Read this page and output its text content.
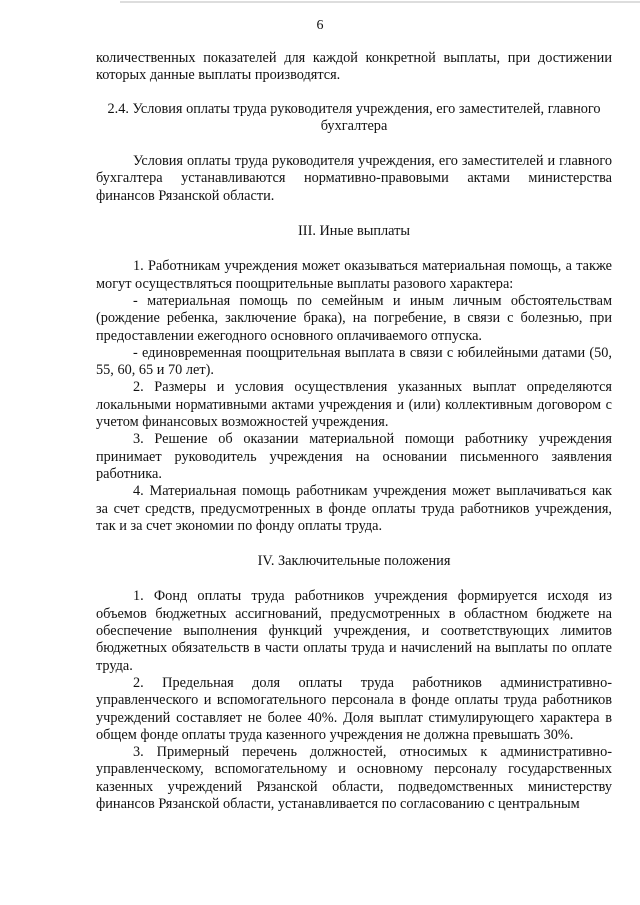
6

количественных показателей для каждой конкретной выплаты, при достижении которых данные выплаты производятся.

2.4. Условия оплаты труда руководителя учреждения, его заместителей, главного бухгалтера

Условия оплаты труда руководителя учреждения, его заместителей и главного бухгалтера устанавливаются нормативно-правовыми актами министерства финансов Рязанской области.

III. Иные выплаты

1. Работникам учреждения может оказываться материальная помощь, а также могут осуществляться поощрительные выплаты разового характера:

- материальная помощь по семейным и иным личным обстоятельствам (рождение ребенка, заключение брака), на погребение, в связи с болезнью, при предоставлении ежегодного основного оплачиваемого отпуска.

- единовременная поощрительная выплата в связи с юбилейными датами (50, 55, 60, 65 и 70 лет).

2. Размеры и условия осуществления указанных выплат определяются локальными нормативными актами учреждения и (или) коллективным договором с учетом финансовых возможностей учреждения.

3. Решение об оказании материальной помощи работнику учреждения принимает руководитель учреждения на основании письменного заявления работника.

4. Материальная помощь работникам учреждения может выплачиваться как за счет средств, предусмотренных в фонде оплаты труда работников учреждения, так и за счет экономии по фонду оплаты труда.

IV. Заключительные положения

1. Фонд оплаты труда работников учреждения формируется исходя из объемов бюджетных ассигнований, предусмотренных в областном бюджете на обеспечение выполнения функций учреждения, и соответствующих лимитов бюджетных обязательств в части оплаты труда и начислений на выплаты по оплате труда.

2. Предельная доля оплаты труда работников административно-управленческого и вспомогательного персонала в фонде оплаты труда работников учреждений составляет не более 40%. Доля выплат стимулирующего характера в общем фонде оплаты труда казенного учреждения не должна превышать 30%.

3. Примерный перечень должностей, относимых к административно-управленческому, вспомогательному и основному персоналу государственных казенных учреждений Рязанской области, подведомственных министерству финансов Рязанской области, устанавливается по согласованию с центральным
